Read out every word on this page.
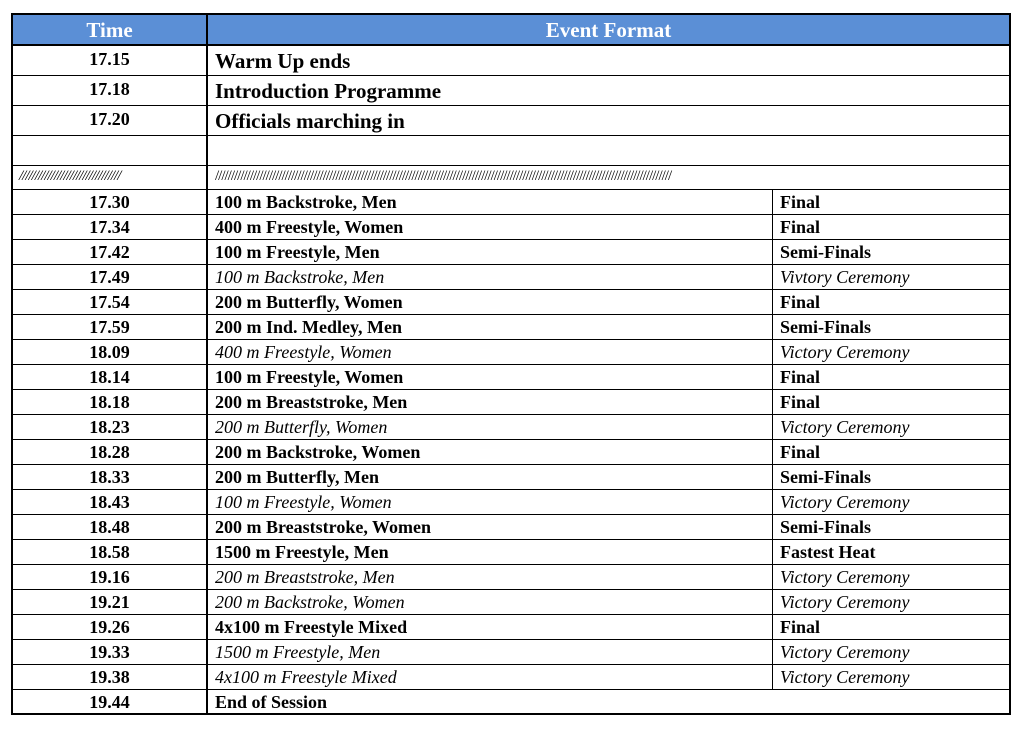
Time	Event Format
17.15	Warm Up ends
17.18	Introduction Programme
17.20	Officials marching in
////////////////////////////////	////////////////////////////////////////////////////////////////////////////////////////////////////////////////////////////////////////////////
17.30	100 m Backstroke, Men	Final
17.34	400 m Freestyle, Women	Final
17.42	100 m Freestyle, Men	Semi-Finals
17.49	100 m Backstroke, Men	Vivtory Ceremony
17.54	200 m Butterfly, Women	Final
17.59	200 m Ind. Medley, Men	Semi-Finals
18.09	400 m Freestyle, Women	Victory Ceremony
18.14	100 m Freestyle, Women	Final
18.18	200 m Breaststroke, Men	Final
18.23	200 m Butterfly, Women	Victory Ceremony
18.28	200 m Backstroke, Women	Final
18.33	200 m Butterfly, Men	Semi-Finals
18.43	100 m Freestyle, Women	Victory Ceremony
18.48	200 m Breaststroke, Women	Semi-Finals
18.58	1500 m Freestyle, Men	Fastest Heat
19.16	200 m Breaststroke, Men	Victory Ceremony
19.21	200 m Backstroke, Women	Victory Ceremony
19.26	4x100 m Freestyle Mixed	Final
19.33	1500 m Freestyle, Men	Victory Ceremony
19.38	4x100 m Freestyle Mixed	Victory Ceremony
19.44	End of Session
